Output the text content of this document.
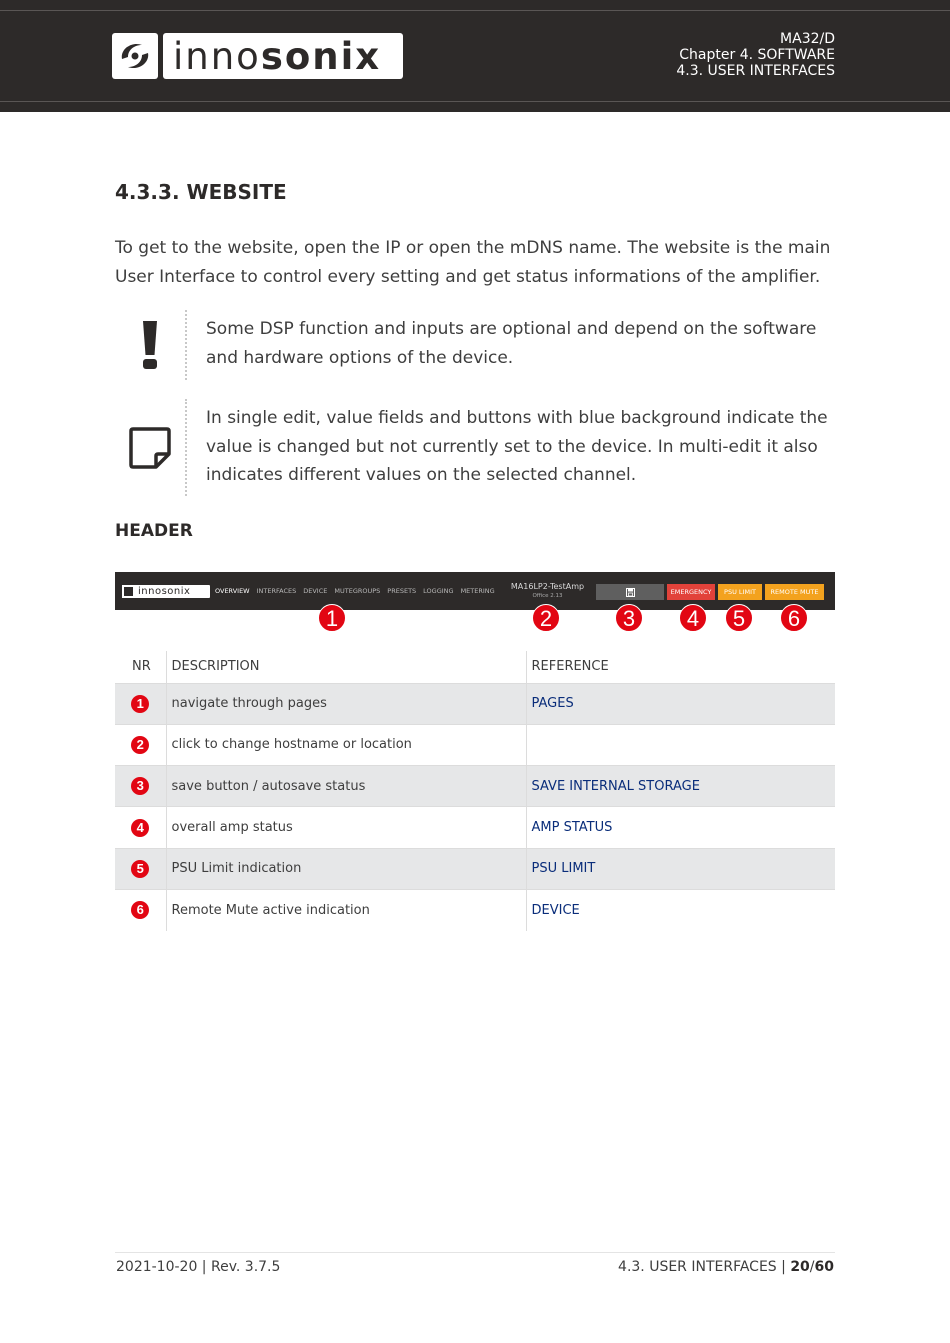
inno sonix	MA32/D
Chapter 4. SOFTWARE
4.3. USER INTERFACES
4.3.3. WEBSITE

To get to the website, open the IP or open the mDNS name. The website is the main User Interface to control every setting and get status informations of the amplifier.

Some DSP function and inputs are optional and depend on the software and hardware options of the device.
In single edit, value fields and buttons with blue background indicate the value is changed but not currently set to the device. In multi-edit it also indicates different values on the selected channel.
HEADER
innosonix	OVERVIEW INTERFACES DEVICE MUTEGROUPS PRESETS LOGGING METERING	MA16LP2-TestAmp
Office 2.13	EMERGENCY	PSU LIMIT	REMOTE MUTE
1	2	3	4	5	6
NR	DESCRIPTION	REFERENCE
1	navigate through pages	PAGES
2	click to change hostname or location	
3	save button / autosave status	SAVE INTERNAL STORAGE
4	overall amp status	AMP STATUS
5	PSU Limit indication	PSU LIMIT
6	Remote Mute active indication	DEVICE
2021-10-20 | Rev. 3.7.5	4.3. USER INTERFACES | 20/60
